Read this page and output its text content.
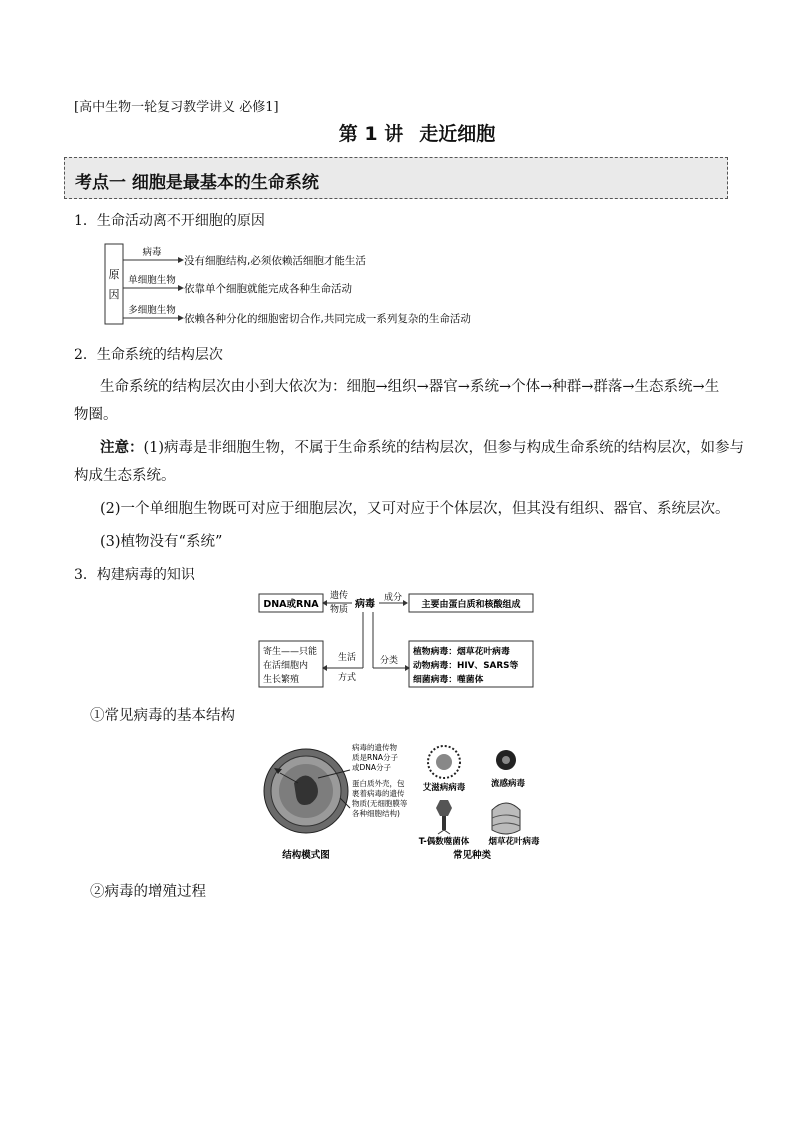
[高中生物一轮复习教学讲义 必修1]
第 1 讲 走近细胞
考点一 细胞是最基本的生命系统
1．生命活动离不开细胞的原因
原
因
病毒
单细胞生物
多细胞生物
没有细胞结构,必须依赖活细胞才能生活
依靠单个细胞就能完成各种生命活动
依赖各种分化的细胞密切合作,共同完成一系列复杂的生命活动
2．生命系统的结构层次
生命系统的结构层次由小到大依次为：细胞→组织→器官→系统→个体→种群→群落→生态系统→生
物圈。
注意：(1)病毒是非细胞生物，不属于生命系统的结构层次，但参与构成生命系统的结构层次，如参与
构成生态系统。
(2)一个单细胞生物既可对应于细胞层次，又可对应于个体层次，但其没有组织、器官、系统层次。
(3)植物没有“系统”
3．构建病毒的知识
DNA或RNA
遗传
物质 病毒
成分
主要由蛋白质和核酸组成
分类
植物病毒：烟草花叶病毒
动物病毒：HIV、SARS等
细菌病毒：噬菌体
生活
方式
寄生——只能
在活细胞内
生长繁殖
①常见病毒的基本结构
病毒的遗传物
质是RNA分子
或DNA分子
蛋白质外壳，包
裹着病毒的遗传
物质(无细胞膜等
各种细胞结构)
结构模式图
艾滋病病毒	流感病毒
T-偶数噬菌体 烟草花叶病毒
常见种类
②病毒的增殖过程
